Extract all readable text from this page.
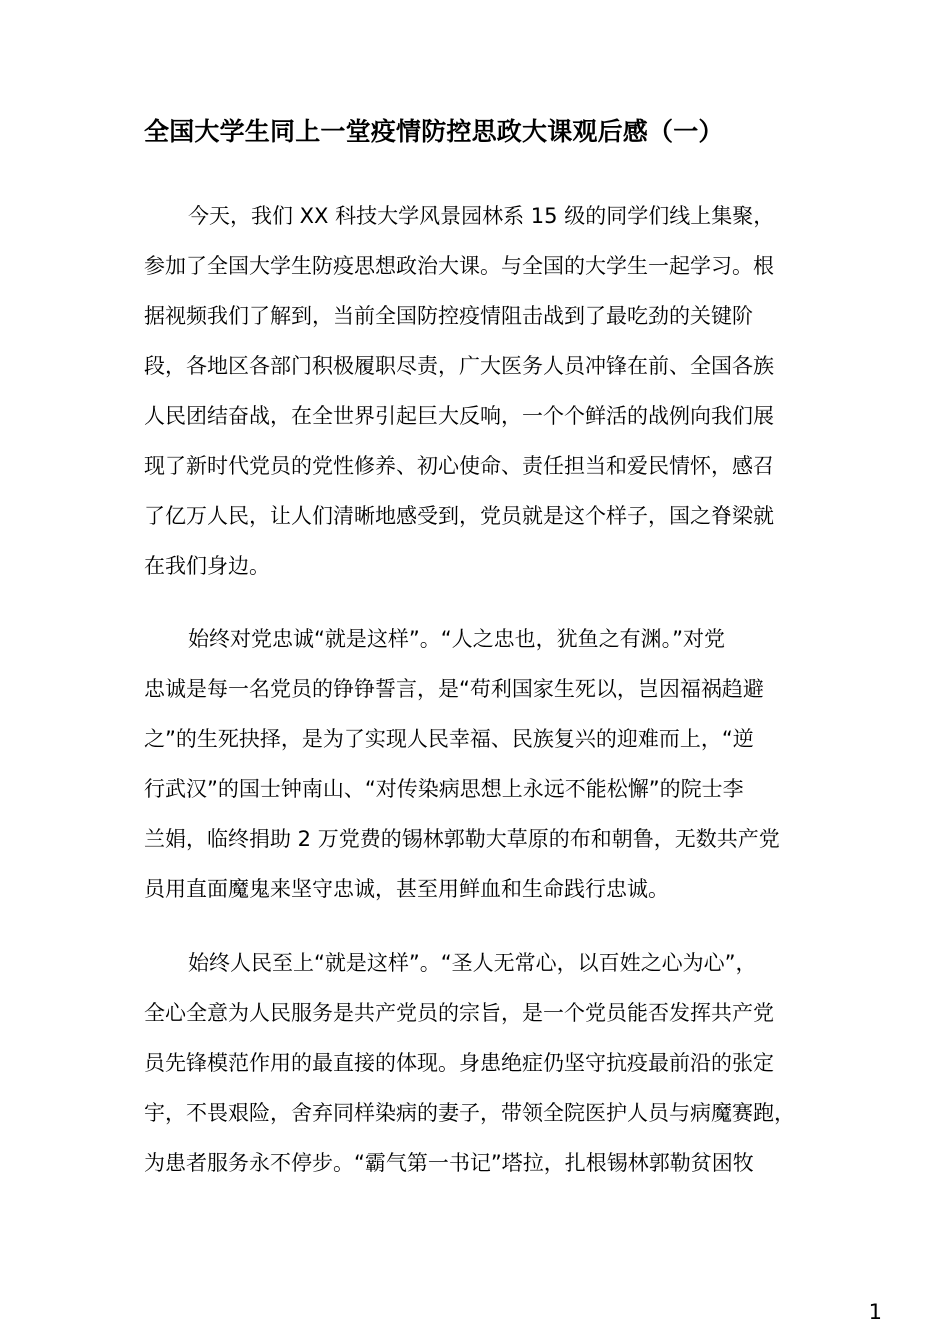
全国大学生同上一堂疫情防控思政大课观后感（一）
今天，我们 XX 科技大学风景园林系 15 级的同学们线上集聚，
参加了全国大学生防疫思想政治大课。与全国的大学生一起学习。根
据视频我们了解到，当前全国防控疫情阻击战到了最吃劲的关键阶
段，各地区各部门积极履职尽责，广大医务人员冲锋在前、全国各族
人民团结奋战，在全世界引起巨大反响，一个个鲜活的战例向我们展
现了新时代党员的党性修养、初心使命、责任担当和爱民情怀，感召
了亿万人民，让人们清晰地感受到，党员就是这个样子，国之脊梁就
在我们身边。
始终对党忠诚“就是这样”。“人之忠也，犹鱼之有渊。”对党
忠诚是每一名党员的铮铮誓言，是“苟利国家生死以，岂因福祸趋避
之”的生死抉择，是为了实现人民幸福、民族复兴的迎难而上，“逆
行武汉”的国士钟南山、“对传染病思想上永远不能松懈”的院士李
兰娟，临终捐助 2 万党费的锡林郭勒大草原的布和朝鲁，无数共产党
员用直面魔鬼来坚守忠诚，甚至用鲜血和生命践行忠诚。
始终人民至上“就是这样”。“圣人无常心，以百姓之心为心”，
全心全意为人民服务是共产党员的宗旨，是一个党员能否发挥共产党
员先锋模范作用的最直接的体现。身患绝症仍坚守抗疫最前沿的张定
宇，不畏艰险，舍弃同样染病的妻子，带领全院医护人员与病魔赛跑，
为患者服务永不停步。“霸气第一书记”塔拉，扎根锡林郭勒贫困牧
1
